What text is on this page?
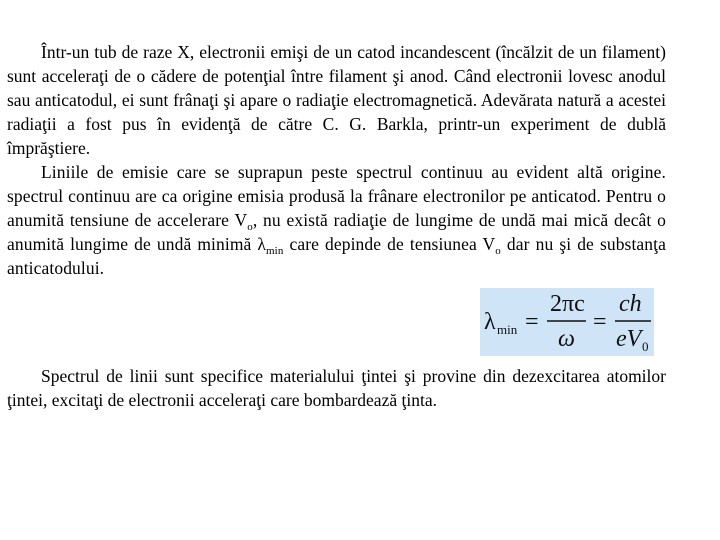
Într-un tub de raze X, electronii emişi de un catod incandescent (încălzit de un filament) sunt acceleraţi de o cădere de potenţial între filament şi anod. Când electronii lovesc anodul sau anticatodul, ei sunt frânaţi şi apare o radiaţie electromagnetică. Adevărata natură a acestei radiaţii a fost pus în evidenţă de către C. G. Barkla, printr-un experiment de dublă împrăştiere.

Liniile de emisie care se suprapun peste spectrul continuu au evident altă origine. spectrul continuu are ca origine emisia produsă la frânare electronilor pe anticatod. Pentru o anumită tensiune de accelerare $V_o$, nu există radiaţie de lungime de undă mai mică decât o anumită lungime de undă minimă $\lambda_{min}$ care depinde de tensiunea $V_o$ dar nu şi de substanţa anticatodului.

λ min =
2πc
ω
=
ch
eV 0

Spectrul de linii sunt specifice materialului ţintei şi provine din dezexcitarea atomilor ţintei, excitaţi de electronii acceleraţi care bombardează ţinta.
